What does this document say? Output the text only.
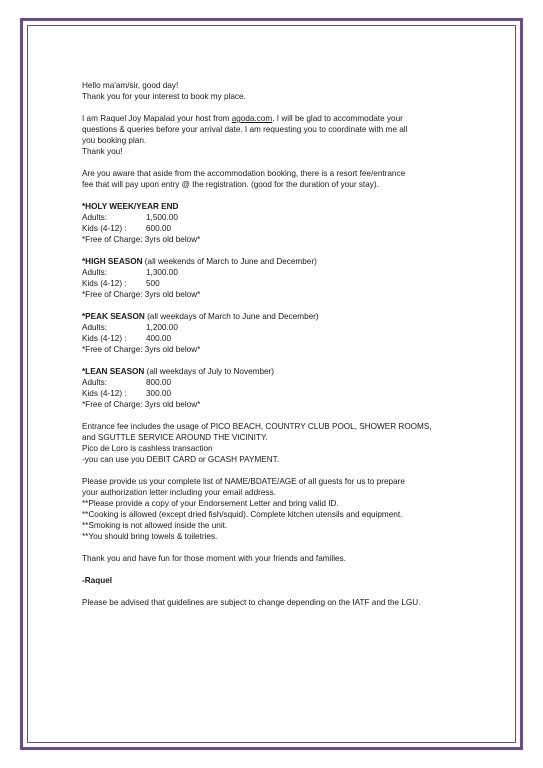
Hello ma'am/sir, good day!
Thank you for your interest to book my place.
I am Raquel Joy Mapalad your host from agoda.com. I will be glad to accommodate your
questions & queries before your arrival date. I am requesting you to coordinate with me all
you booking plan.
Thank you!
Are you aware that aside from the accommodation booking, there is a resort fee/entrance
fee that will pay upon entry @ the registration. (good for the duration of your stay).
*HOLY WEEK/YEAR END
Adults:	1,500.00
Kids (4-12) : 600.00
*Free of Charge: 3yrs old below*
*HIGH SEASON (all weekends of March to June and December)
Adults:	1,300.00
Kids (4-12) : 500
*Free of Charge: 3yrs old below*
*PEAK SEASON (all weekdays of March to June and December)
Adults:	1,200.00
Kids (4-12) : 400.00
*Free of Charge: 3yrs old below*
*LEAN SEASON (all weekdays of July to November)
Adults:	800.00
Kids (4-12) : 300.00
*Free of Charge: 3yrs old below*
Entrance fee includes the usage of PICO BEACH, COUNTRY CLUB POOL, SHOWER ROOMS,
and SGUTTLE SERVICE AROUND THE VICINITY.
Pico de Loro is cashless transaction
-you can use you DEBIT CARD or GCASH PAYMENT.
Please provide us your complete list of NAME/BDATE/AGE of all guests for us to prepare
your authorization letter including your email address.
**Please provide a copy of your Endorsement Letter and bring valid ID.
**Cooking is allowed (except dried fish/squid). Complete kitchen utensils and equipment.
**Smoking is not allowed inside the unit.
**You should bring towels & toiletries.
Thank you and have fun for those moment with your friends and families.
-Raquel
Please be advised that guidelines are subject to change depending on the IATF and the LGU.
